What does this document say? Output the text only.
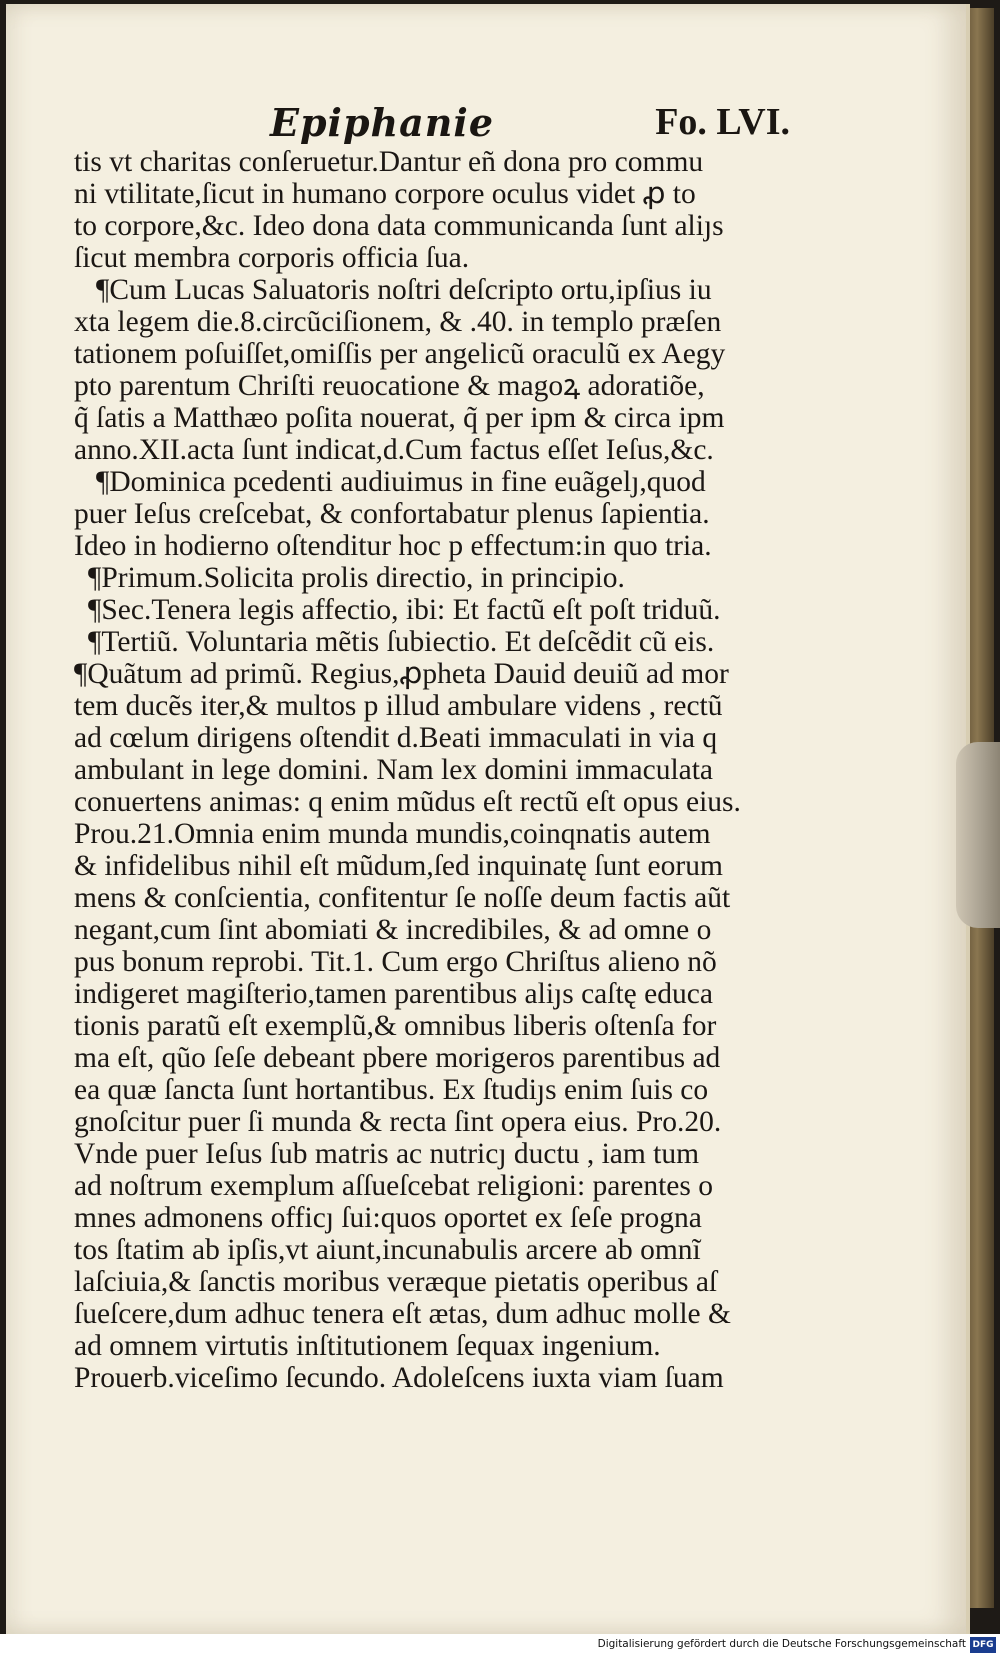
Epiphanie	Fo. LVI.
tis vt charitas conſeruetur.Dantur eñ dona pro commu
ni vtilitate,ſicut in humano corpore oculus videt ꝓ to
to corpore,&c. Ideo dona data communicanda ſunt aliȷs
ſicut membra corporis officia ſua.
¶Cum Lucas Saluatoris noſtri deſcripto ortu,ipſius iu
xta legem die.8.circũciſionem, & .40. in templo præſen
tationem poſuiſſet,omiſſis per angelicũ oraculũ ex Aegy
pto parentum Chriſti reuocatione & magoꝝ adoratiõe,
q̃ ſatis a Matthæo poſita nouerat, q̃ per ipm & circa ipm
anno.XII.acta ſunt indicat,d.Cum factus eſſet Ieſus,&c.
¶Dominica pcedenti audiuimus in fine euãgelȷ,quod
puer Ieſus creſcebat, & confortabatur plenus ſapientia.
Ideo in hodierno oſtenditur hoc p effectum:in quo tria.
¶Primum.Solicita prolis directio, in principio.
¶Sec.Tenera legis affectio, ibi: Et factũ eſt poſt triduũ.
¶Tertiũ. Voluntaria mẽtis ſubiectio. Et deſcẽdit cũ eis.
¶Quãtum ad primũ. Regius,ꝓpheta Dauid deuiũ ad mor
tem ducẽs iter,& multos p illud ambulare videns , rectũ
ad cœlum dirigens oſtendit d.Beati immaculati in via q
ambulant in lege domini. Nam lex domini immaculata
conuertens animas: q enim mũdus eſt rectũ eſt opus eius.
Prou.21.Omnia enim munda mundis,coinqnatis autem
& infidelibus nihil eſt mũdum,ſed inquinatę ſunt eorum
mens & conſcientia, confitentur ſe noſſe deum factis aũt
negant,cum ſint abomiati & incredibiles, & ad omne o
pus bonum reprobi. Tit.1. Cum ergo Chriſtus alieno nõ
indigeret magiſterio,tamen parentibus aliȷs caſtę educa
tionis paratũ eſt exemplũ,& omnibus liberis oſtenſa for
ma eſt, qũo ſeſe debeant pbere morigeros parentibus ad
ea quæ ſancta ſunt hortantibus. Ex ſtudiȷs enim ſuis co
gnoſcitur puer ſi munda & recta ſint opera eius. Pro.20.
Vnde puer Ieſus ſub matris ac nutricȷ ductu , iam tum
ad noſtrum exemplum aſſueſcebat religioni: parentes o
mnes admonens officȷ ſui:quos oportet ex ſeſe progna
tos ſtatim ab ipſis,vt aiunt,incunabulis arcere ab omnĩ
laſciuia,& ſanctis moribus veræque pietatis operibus aſ
ſueſcere,dum adhuc tenera eſt ætas, dum adhuc molle &
ad omnem virtutis inſtitutionem ſequax ingenium.
Prouerb.viceſimo ſecundo. Adoleſcens iuxta viam ſuam
Digitalisierung gefördert durch die Deutsche Forschungsgemeinschaft DFG
